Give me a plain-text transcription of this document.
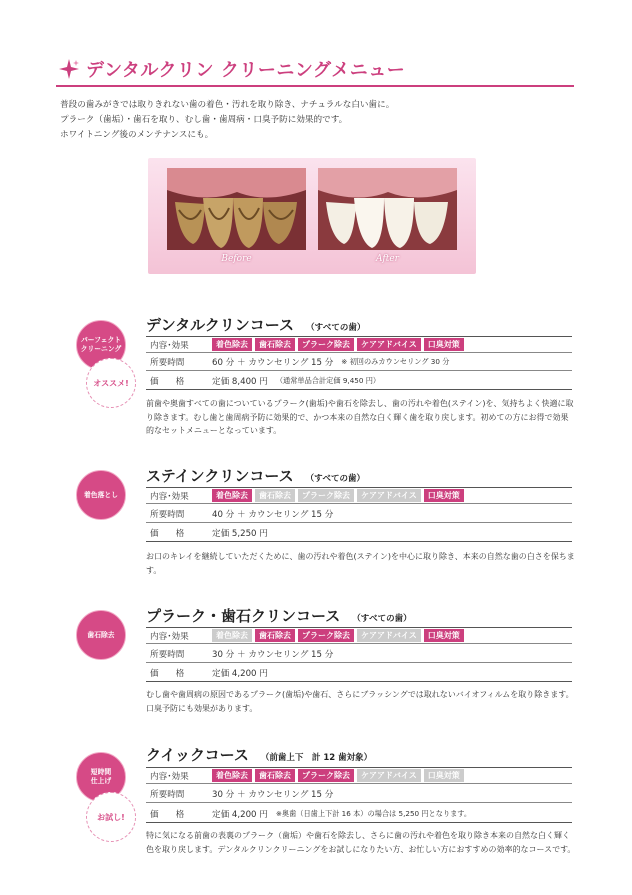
デンタルクリン クリーニングメニュー
普段の歯みがきでは取りきれない歯の着色・汚れを取り除き、ナチュラルな白い歯に。
プラーク（歯垢）・歯石を取り、むし歯・歯周病・口臭予防に効果的です。
ホワイトニング後のメンテナンスにも。
Before	After
パーフェクト
クリーニング
オススメ!
デンタルクリンコース （すべての歯）
内容･効果	着色除去 歯石除去 プラーク除去 ケアアドバイス 口臭対策
所要時間	60 分 ＋ カウンセリング 15 分 ※ 初回のみカウンセリング 30 分
価　　格	定価 8,400 円 （通常単品合計定価 9,450 円）
前歯や奥歯すべての歯についているプラーク(歯垢)や歯石を除去し、歯の汚れや着色(ステイン)を、気持ちよく快適に取り除きます。むし歯と歯周病予防に効果的で、かつ本来の自然な白く輝く歯を取り戻します。初めての方にお得で効果的なセットメニューとなっています。
着色落とし
ステインクリンコース （すべての歯）
内容･効果	着色除去 歯石除去 プラーク除去 ケアアドバイス 口臭対策
所要時間	40 分 ＋ カウンセリング 15 分
価　　格	定価 5,250 円
お口のキレイを継続していただくために、歯の汚れや着色(ステイン)を中心に取り除き、本来の自然な歯の白さを保ちます。
歯石除去
プラーク・歯石クリンコース （すべての歯）
内容･効果	着色除去 歯石除去 プラーク除去 ケアアドバイス 口臭対策
所要時間	30 分 ＋ カウンセリング 15 分
価　　格	定価 4,200 円
むし歯や歯周病の原因であるプラーク(歯垢)や歯石、さらにブラッシングでは取れないバイオフィルムを取り除きます。口臭予防にも効果があります。
短時間
仕上げ
お試し!
クイックコース （前歯上下　計 12 歯対象）
内容･効果	着色除去 歯石除去 プラーク除去 ケアアドバイス 口臭対策
所要時間	30 分 ＋ カウンセリング 15 分
価　　格	定価 4,200 円 ※奥歯（日歯上下計 16 本）の場合は 5,250 円となります。
特に気になる前歯の表裏のプラーク（歯垢）や歯石を除去し、さらに歯の汚れや着色を取り除き本来の自然な白く輝く色を取り戻します。デンタルクリンクリーニングをお試しになりたい方、お忙しい方におすすめの効率的なコースです。
